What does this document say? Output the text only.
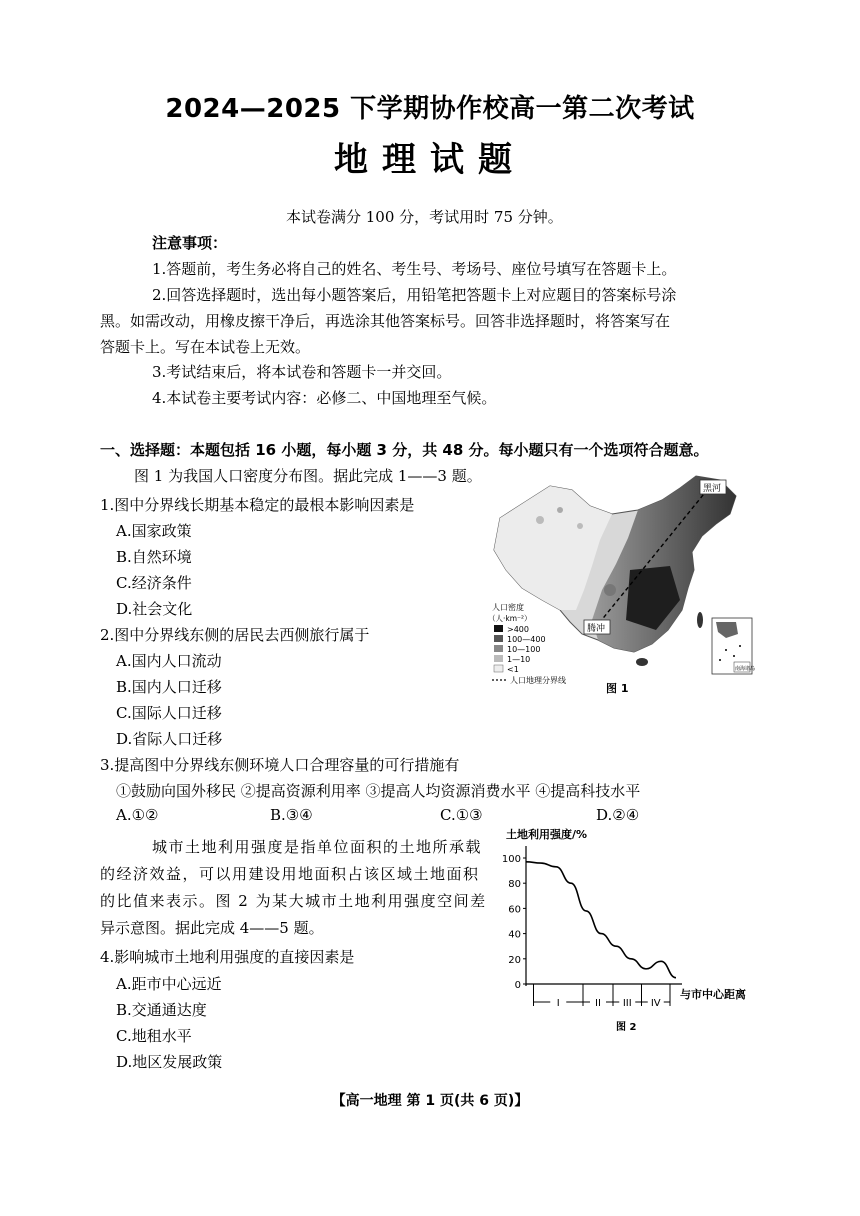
2024—2025 下学期协作校高一第二次考试
地理试题
本试卷满分 100 分，考试用时 75 分钟。
注意事项：
1.答题前，考生务必将自己的姓名、考生号、考场号、座位号填写在答题卡上。
2.回答选择题时，选出每小题答案后，用铅笔把答题卡上对应题目的答案标号涂
黑。如需改动，用橡皮擦干净后，再选涂其他答案标号。回答非选择题时，将答案写在
答题卡上。写在本试卷上无效。
3.考试结束后，将本试卷和答题卡一并交回。
4.本试卷主要考试内容：必修二、中国地理至气候。
一、选择题：本题包括 16 小题，每小题 3 分，共 48 分。每小题只有一个选项符合题意。
图 1 为我国人口密度分布图。据此完成 1——3 题。
1.图中分界线长期基本稳定的最根本影响因素是
A.国家政策
B.自然环境
C.经济条件
D.社会文化
2.图中分界线东侧的居民去西侧旅行属于
A.国内人口流动
B.国内人口迁移
C.国际人口迁移
D.省际人口迁移
3.提高图中分界线东侧环境人口合理容量的可行措施有
①鼓励向国外移民 ②提高资源利用率 ③提高人均资源消费水平 ④提高科技水平
A.①②	B.③④	C.①③	D.②④
城市土地利用强度是指单位面积的土地所承载
的经济效益，可以用建设用地面积占该区域土地面积
的比值来表示。图 2 为某大城市土地利用强度空间差
异示意图。据此完成 4——5 题。
4.影响城市土地利用强度的直接因素是
A.距市中心远近
B.交通通达度
C.地租水平
D.地区发展政策
黑河
腾冲
人口密度
（人·km⁻²）
>400
100—400
10—100
1—10
<1
人口地理分界线
南海诸岛
图 1
土地利用强度/%
与市中心距离
0
20
40
60
80
100
I	II III IV
图 2
【高一地理 第 1 页(共 6 页)】
